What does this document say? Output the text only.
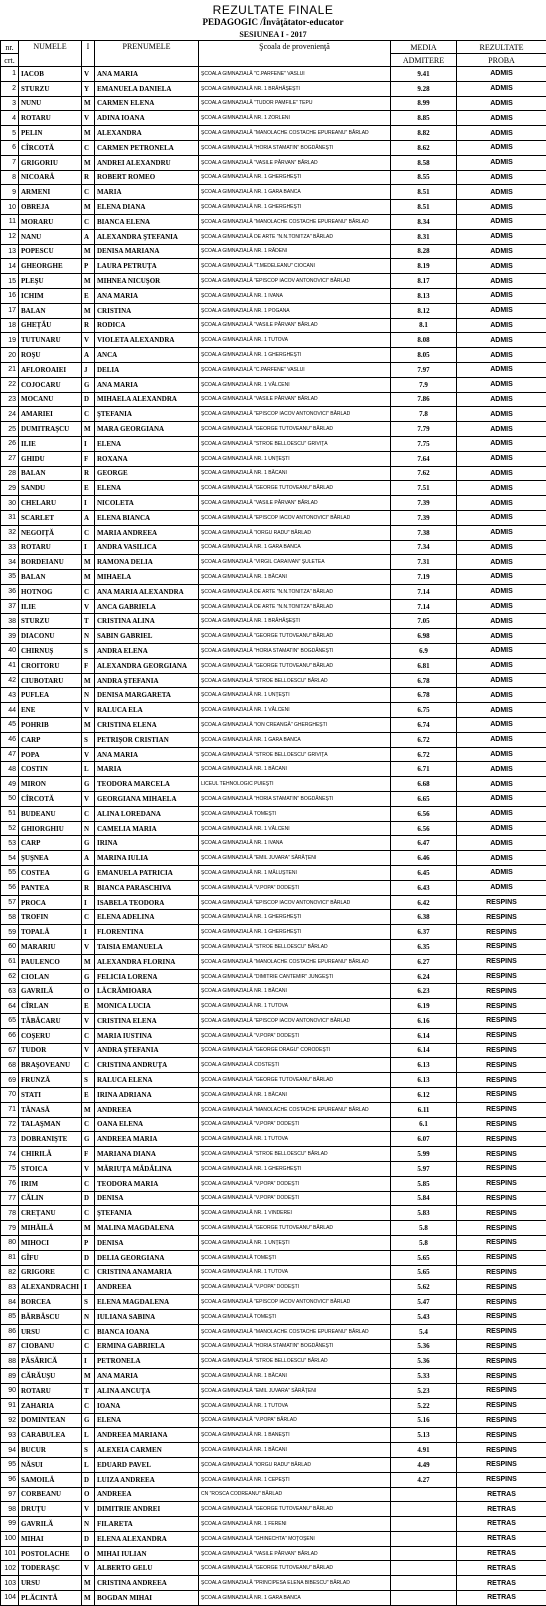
REZULTATE FINALE
PEDAGOGIC /Învăţătator-educator
SESIUNEA I - 2017
nr.	NUMELE	I	PRENUMELE	Şcoala de provenienţă	MEDIA	REZULTATE
crt.					ADMITERE	PROBA
1	IACOB	V	ANA MARIA	ŞCOALA GIMNAZIALĂ "C.PARFENE" VASLUI	9.41	ADMIS
2	STURZU	Y	EMANUELA DANIELA	ŞCOALA GIMNAZIALĂ NR. 1 BRĂHĂŞEŞTI	9.28	ADMIS
3	NUNU	M	CARMEN ELENA	ŞCOALA GIMNAZIALĂ "TUDOR PAMFILE" TEPU	8.99	ADMIS
4	ROTARU	V	ADINA IOANA	ŞCOALA GIMNAZIALĂ NR. 1 ZORLENI	8.85	ADMIS
5	PELIN	M	ALEXANDRA	ŞCOALA GIMNAZIALĂ "MANOLACHE COSTACHE EPUREANU" BÂRLAD	8.82	ADMIS
6	CÎRCOTĂ	C	CARMEN PETRONELA	ŞCOALA GIMNAZIALĂ "HORIA STAMATIN" BOGDĂNEŞTI	8.62	ADMIS
7	GRIGORIU	M	ANDREI ALEXANDRU	ŞCOALA GIMNAZIALĂ "VASILE PÂRVAN" BÂRLAD	8.58	ADMIS
8	NICOARĂ	R	ROBERT ROMEO	ŞCOALA GIMNAZIALĂ NR. 1 GHERGHEŞTI	8.55	ADMIS
9	ARMENI	C	MARIA	ŞCOALA GIMNAZIALĂ NR. 1 GARA BANCA	8.51	ADMIS
10	OBREJA	M	ELENA DIANA	ŞCOALA GIMNAZIALĂ NR. 1 GHERGHEŞTI	8.51	ADMIS
11	MORARU	C	BIANCA ELENA	ŞCOALA GIMNAZIALĂ "MANOLACHE COSTACHE EPUREANU" BÂRLAD	8.34	ADMIS
12	NANU	A	ALEXANDRA ŞTEFANIA	ŞCOALA GIMNAZIALĂ DE ARTE "N.N.TONITZA" BÂRLAD	8.31	ADMIS
13	POPESCU	M	DENISA MARIANA	ŞCOALA GIMNAZIALĂ NR. 1 RĂDENI	8.28	ADMIS
14	GHEORGHE	P	LAURA PETRUŢA	ŞCOALA GIMNAZIALĂ "T.MEDELEANU" CIOCANI	8.19	ADMIS
15	PLEŞU	M	MIHNEA NICUŞOR	ŞCOALA GIMNAZIALĂ "EPISCOP IACOV ANTONOVICI" BÂRLAD	8.17	ADMIS
16	ICHIM	E	ANA MARIA	ŞCOALA GIMNAZIALĂ NR. 1 IVANA	8.13	ADMIS
17	BALAN	M	CRISTINA	ŞCOALA GIMNAZIALĂ NR. 1 POGANA	8.12	ADMIS
18	GHEŢĂU	R	RODICA	ŞCOALA GIMNAZIALĂ "VASILE PÂRVAN" BÂRLAD	8.1	ADMIS
19	TUTUNARU	V	VIOLETA ALEXANDRA	ŞCOALA GIMNAZIALĂ NR. 1 TUTOVA	8.08	ADMIS
20	ROŞU	A	ANCA	ŞCOALA GIMNAZIALĂ NR. 1 GHERGHEŞTI	8.05	ADMIS
21	AFLOROAIEI	J	DELIA	ŞCOALA GIMNAZIALĂ "C.PARFENE" VASLUI	7.97	ADMIS
22	COJOCARU	G	ANA MARIA	ŞCOALA GIMNAZIALĂ NR. 1 VÂLCENI	7.9	ADMIS
23	MOCANU	D	MIHAELA ALEXANDRA	ŞCOALA GIMNAZIALĂ "VASILE PÂRVAN" BÂRLAD	7.86	ADMIS
24	AMARIEI	C	ŞTEFANIA	ŞCOALA GIMNAZIALĂ "EPISCOP IACOV ANTONOVICI" BÂRLAD	7.8	ADMIS
25	DUMITRAŞCU	M	MARA GEORGIANA	ŞCOALA GIMNAZIALĂ "GEORGE TUTOVEANU" BÂRLAD	7.79	ADMIS
26	ILIE	I	ELENA	ŞCOALA GIMNAZIALĂ "STROE BELLOESCU" GRIVIŢA	7.75	ADMIS
27	GHIDU	F	ROXANA	ŞCOALA GIMNAZIALĂ NR. 1 UNŢEŞTI	7.64	ADMIS
28	BALAN	R	GEORGE	ŞCOALA GIMNAZIALĂ NR. 1 BĂCANI	7.62	ADMIS
29	SANDU	E	ELENA	ŞCOALA GIMNAZIALĂ "GEORGE TUTOVEANU" BÂRLAD	7.51	ADMIS
30	CHELARU	I	NICOLETA	ŞCOALA GIMNAZIALĂ "VASILE PÂRVAN" BÂRLAD	7.39	ADMIS
31	SCARLET	A	ELENA BIANCA	ŞCOALA GIMNAZIALĂ "EPISCOP IACOV ANTONOVICI" BÂRLAD	7.39	ADMIS
32	NEGOIŢĂ	C	MARIA ANDREEA	ŞCOALA GIMNAZIALĂ "IORGU RADU" BÂRLAD	7.38	ADMIS
33	ROTARU	I	ANDRA VASILICA	ŞCOALA GIMNAZIALĂ NR. 1 GARA BANCA	7.34	ADMIS
34	BORDEIANU	M	RAMONA DELIA	ŞCOALA GIMNAZIALĂ "VIRGIL CARAIVAN" ŞULETEA	7.31	ADMIS
35	BALAN	M	MIHAELA	ŞCOALA GIMNAZIALĂ NR. 1 BĂCANI	7.19	ADMIS
36	HOTNOG	C	ANA MARIA ALEXANDRA	ŞCOALA GIMNAZIALĂ DE ARTE "N.N.TONITZA" BÂRLAD	7.14	ADMIS
37	ILIE	V	ANCA GABRIELA	ŞCOALA GIMNAZIALĂ DE ARTE "N.N.TONITZA" BÂRLAD	7.14	ADMIS
38	STURZU	T	CRISTINA ALINA	ŞCOALA GIMNAZIALĂ NR. 1 BRĂHĂŞEŞTI	7.05	ADMIS
39	DIACONU	N	SABIN GABRIEL	ŞCOALA GIMNAZIALĂ "GEORGE TUTOVEANU" BÂRLAD	6.98	ADMIS
40	CHIRNUŞ	S	ANDRA ELENA	ŞCOALA GIMNAZIALĂ "HORIA STAMATIN" BOGDĂNEŞTI	6.9	ADMIS
41	CROITORU	F	ALEXANDRA GEORGIANA	ŞCOALA GIMNAZIALĂ "GEORGE TUTOVEANU" BÂRLAD	6.81	ADMIS
42	CIUBOTARU	M	ANDRA ŞTEFANIA	ŞCOALA GIMNAZIALĂ "STROE BELLOESCU" BÂRLAD	6.78	ADMIS
43	PUFLEA	N	DENISA MARGARETA	ŞCOALA GIMNAZIALĂ NR. 1 UNŢEŞTI	6.78	ADMIS
44	ENE	V	RALUCA ELA	ŞCOALA GIMNAZIALĂ NR. 1 VÂLCENI	6.75	ADMIS
45	POHRIB	M	CRISTINA ELENA	ŞCOALA GIMNAZIALĂ "ION CREANGĂ" GHERGHEŞTI	6.74	ADMIS
46	CARP	S	PETRIŞOR CRISTIAN	ŞCOALA GIMNAZIALĂ NR. 1 GARA BANCA	6.72	ADMIS
47	POPA	V	ANA MARIA	ŞCOALA GIMNAZIALĂ "STROE BELLOESCU" GRIVIŢA	6.72	ADMIS
48	COSTIN	L	MARIA	ŞCOALA GIMNAZIALĂ NR. 1 BĂCANI	6.71	ADMIS
49	MIRON	G	TEODORA MARCELA	LICEUL TEHNOLOGIC PUIEŞTI	6.68	ADMIS
50	CÎRCOTĂ	V	GEORGIANA MIHAELA	ŞCOALA GIMNAZIALĂ "HORIA STAMATIN" BOGDĂNEŞTI	6.65	ADMIS
51	BUDEANU	C	ALINA LOREDANA	ŞCOALA GIMNAZIALĂ TOMEŞTI	6.56	ADMIS
52	GHIORGHIU	N	CAMELIA MARIA	ŞCOALA GIMNAZIALĂ NR. 1 VÂLCENI	6.56	ADMIS
53	CARP	G	IRINA	ŞCOALA GIMNAZIALĂ NR. 1 IVANA	6.47	ADMIS
54	ŞUŞNEA	A	MARINA IULIA	ŞCOALA GIMNAZIALĂ "EMIL JUVARA" SĂRĂŢENI	6.46	ADMIS
55	COSTEA	G	EMANUELA PATRICIA	ŞCOALA GIMNAZIALĂ NR. 1 MĂLUŞTENI	6.45	ADMIS
56	PANTEA	R	BIANCA PARASCHIVA	ŞCOALA GIMNAZIALĂ "V.POPA" DODEŞTI	6.43	ADMIS
57	PROCA	I	ISABELA TEODORA	ŞCOALA GIMNAZIALĂ "EPISCOP IACOV ANTONOVICI" BÂRLAD	6.42	RESPINS
58	TROFIN	C	ELENA ADELINA	ŞCOALA GIMNAZIALĂ NR. 1 GHERGHEŞTI	6.38	RESPINS
59	TOPALĂ	I	FLORENTINA	ŞCOALA GIMNAZIALĂ NR. 1 GHERGHEŞTI	6.37	RESPINS
60	MARARIU	V	TAISIA EMANUELA	ŞCOALA GIMNAZIALĂ "STROE BELLOESCU" BÂRLAD	6.35	RESPINS
61	PAULENCO	M	ALEXANDRA FLORINA	ŞCOALA GIMNAZIALĂ "MANOLACHE COSTACHE EPUREANU" BÂRLAD	6.27	RESPINS
62	CIOLAN	G	FELICIA LORENA	ŞCOALA GIMNAZIALĂ "DIMITRIE CANTEMIR" JUNGEŞTI	6.24	RESPINS
63	GAVRILĂ	O	LĂCRĂMIOARA	ŞCOALA GIMNAZIALĂ NR. 1 BĂCANI	6.23	RESPINS
64	CÎRLAN	E	MONICA LUCIA	ŞCOALA GIMNAZIALĂ NR. 1 TUTOVA	6.19	RESPINS
65	TĂBĂCARU	V	CRISTINA ELENA	ŞCOALA GIMNAZIALĂ "EPISCOP IACOV ANTONOVICI" BÂRLAD	6.16	RESPINS
66	COŞERU	C	MARIA IUSTINA	ŞCOALA GIMNAZIALĂ "V.POPA" DODEŞTI	6.14	RESPINS
67	TUDOR	V	ANDRA ŞTEFANIA	ŞCOALA GIMNAZIALĂ "GEORGE DRAGU" CORODEŞTI	6.14	RESPINS
68	BRAŞOVEANU	C	CRISTINA ANDRUŢA	ŞCOALA GIMNAZIALĂ COSTEŞTI	6.13	RESPINS
69	FRUNZĂ	S	RALUCA ELENA	ŞCOALA GIMNAZIALĂ "GEORGE TUTOVEANU" BÂRLAD	6.13	RESPINS
70	STATI	E	IRINA ADRIANA	ŞCOALA GIMNAZIALĂ NR. 1 BĂCANI	6.12	RESPINS
71	TĂNASĂ	M	ANDREEA	ŞCOALA GIMNAZIALĂ "MANOLACHE COSTACHE EPUREANU" BÂRLAD	6.11	RESPINS
72	TALAŞMAN	C	OANA ELENA	ŞCOALA GIMNAZIALĂ "V.POPA" DODEŞTI	6.1	RESPINS
73	DOBRANIŞTE	G	ANDREEA MARIA	ŞCOALA GIMNAZIALĂ NR. 1 TUTOVA	6.07	RESPINS
74	CHIRILĂ	F	MARIANA DIANA	ŞCOALA GIMNAZIALĂ "STROE BELLOESCU" BÂRLAD	5.99	RESPINS
75	STOICA	V	MĂRIUŢA MĂDĂLINA	ŞCOALA GIMNAZIALĂ NR. 1 GHERGHEŞTI	5.97	RESPINS
76	IRIM	C	TEODORA MARIA	ŞCOALA GIMNAZIALĂ "V.POPA" DODEŞTI	5.85	RESPINS
77	CĂLIN	D	DENISA	ŞCOALA GIMNAZIALĂ "V.POPA" DODEŞTI	5.84	RESPINS
78	CREŢANU	C	ŞTEFANIA	ŞCOALA GIMNAZIALĂ NR. 1 VINDEREI	5.83	RESPINS
79	MIHĂILĂ	M	MALINA MAGDALENA	ŞCOALA GIMNAZIALĂ "GEORGE TUTOVEANU" BÂRLAD	5.8	RESPINS
80	MIHOCI	P	DENISA	ŞCOALA GIMNAZIALĂ NR. 1 UNŢEŞTI	5.8	RESPINS
81	GÎFU	D	DELIA GEORGIANA	ŞCOALA GIMNAZIALĂ TOMEŞTI	5.65	RESPINS
82	GRIGORE	C	CRISTINA ANAMARIA	ŞCOALA GIMNAZIALĂ NR. 1 TUTOVA	5.65	RESPINS
83	ALEXANDRACHI	I	ANDREEA	ŞCOALA GIMNAZIALĂ "V.POPA" DODEŞTI	5.62	RESPINS
84	BORCEA	S	ELENA MAGDALENA	ŞCOALA GIMNAZIALĂ "EPISCOP IACOV ANTONOVICI" BÂRLAD	5.47	RESPINS
85	BĂRBĂSCU	N	IULIANA SABINA	ŞCOALA GIMNAZIALĂ TOMEŞTI	5.43	RESPINS
86	URSU	C	BIANCA IOANA	ŞCOALA GIMNAZIALĂ "MANOLACHE COSTACHE EPUREANU" BÂRLAD	5.4	RESPINS
87	CIOBANU	C	ERMINA GABRIELA	ŞCOALA GIMNAZIALĂ "HORIA STAMATIN" BOGDĂNEŞTI	5.36	RESPINS
88	PĂSĂRICĂ	I	PETRONELA	ŞCOALA GIMNAZIALĂ "STROE BELLOESCU" BÂRLAD	5.36	RESPINS
89	CĂRĂUŞU	M	ANA MARIA	ŞCOALA GIMNAZIALĂ NR. 1 BĂCANI	5.33	RESPINS
90	ROTARU	T	ALINA ANCUŢA	ŞCOALA GIMNAZIALĂ "EMIL JUVARA" SĂRĂŢENI	5.23	RESPINS
91	ZAHARIA	C	IOANA	ŞCOALA GIMNAZIALĂ NR. 1 TUTOVA	5.22	RESPINS
92	DOMINTEAN	G	ELENA	ŞCOALA GIMNAZIALĂ "V.POPA" BÂRLAD	5.16	RESPINS
93	CARABULEA	L	ANDREEA MARIANA	ŞCOALA GIMNAZIALĂ NR. 1 BANEŞTI	5.13	RESPINS
94	BUCUR	S	ALEXEIA CARMEN	ŞCOALA GIMNAZIALĂ NR. 1 BĂCANI	4.91	RESPINS
95	NĂSUI	L	EDUARD PAVEL	ŞCOALA GIMNAZIALĂ "IORGU RADU" BÂRLAD	4.49	RESPINS
96	SAMOILĂ	D	LUIZA ANDREEA	ŞCOALA GIMNAZIALĂ NR. 1 CEPEŞTI	4.27	RESPINS
97	CORBEANU	O	ANDREEA	CN "ROSCA CODREANU" BÂRLAD		RETRAS
98	DRUŢU	V	DIMITRIE ANDREI	ŞCOALA GIMNAZIALĂ "GEORGE TUTOVEANU" BÂRLAD		RETRAS
99	GAVRILĂ	N	FILARETA	ŞCOALA GIMNAZIALĂ NR. 1 FERENI		RETRAS
100	MIHAI	D	ELENA ALEXANDRA	ŞCOALA GIMNAZIALĂ "GHINECHTA" MOŢOŞENI		RETRAS
101	POSTOLACHE	O	MIHAI IULIAN	ŞCOALA GIMNAZIALĂ "VASILE PÂRVAN" BÂRLAD		RETRAS
102	TODERAŞC	V	ALBERTO GELU	ŞCOALA GIMNAZIALĂ "GEORGE TUTOVEANU" BÂRLAD		RETRAS
103	URSU	M	CRISTINA ANDREEA	ŞCOALA GIMNAZIALĂ "PRINCIPESA ELENA BIBESCU" BÂRLAD		RETRAS
104	PLĂCINTĂ	M	BOGDAN MIHAI	ŞCOALA GIMNAZIALĂ NR. 1 GARA BANCA		RETRAS
